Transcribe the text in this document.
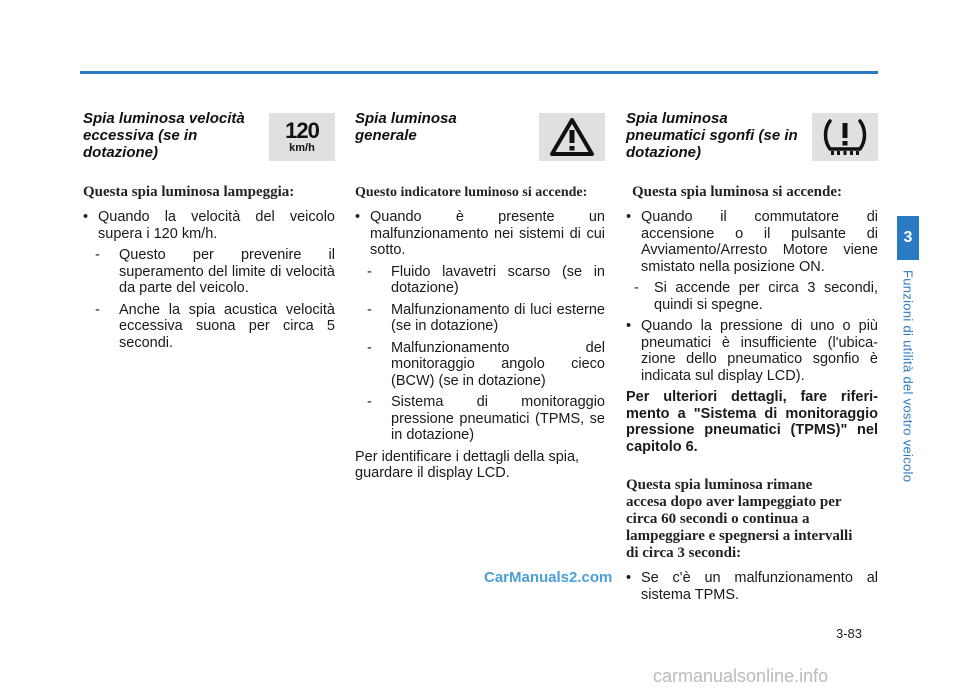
Spia luminosa velocità eccessiva (se in dotazione)

120
km/h

Questa spia luminosa lampeggia:

• Quando la velocità del veicolo supera i 120 km/h.

- Questo per prevenire il superamento del limite di velocità da parte del veicolo.

- Anche la spia acustica velocità eccessiva suona per circa 5 secondi.

Spia luminosa generale

Questo indicatore luminoso si accende:

• Quando è presente un malfunzionamento nei sistemi di cui sotto.

- Fluido lavavetri scarso (se in dotazione)

- Malfunzionamento di luci esterne (se in dotazione)

- Malfunzionamento del monitoraggio angolo cieco (BCW) (se in dotazione)

- Sistema di monitoraggio pressione pneumatici (TPMS, se in dotazione)

Per identificare i dettagli della spia, guardare il display LCD.

Spia luminosa pneumatici sgonfi (se in dotazione)

Questa spia luminosa si accende:

• Quando il commutatore di accensione o il pulsante di Avviamento/Arresto Motore viene smistato nella posizione ON.

- Si accende per circa 3 secondi, quindi si spegne.

• Quando la pressione di uno o più pneumatici è insufficiente (l'ubica-zione dello pneumatico sgonfio è indicata sul display LCD).

Per ulteriori dettagli, fare riferi-mento a "Sistema di monitoraggio pressione pneumatici (TPMS)" nel capitolo 6.

Questa spia luminosa rimane accesa dopo aver lampeggiato per circa 60 secondi o continua a lampeggiare e spegnersi a intervalli di circa 3 secondi:

• Se c'è un malfunzionamento al sistema TPMS.

3
Funzioni di utilità del vostro veicolo
CarManuals2.com
3-83
carmanualsonline.info
